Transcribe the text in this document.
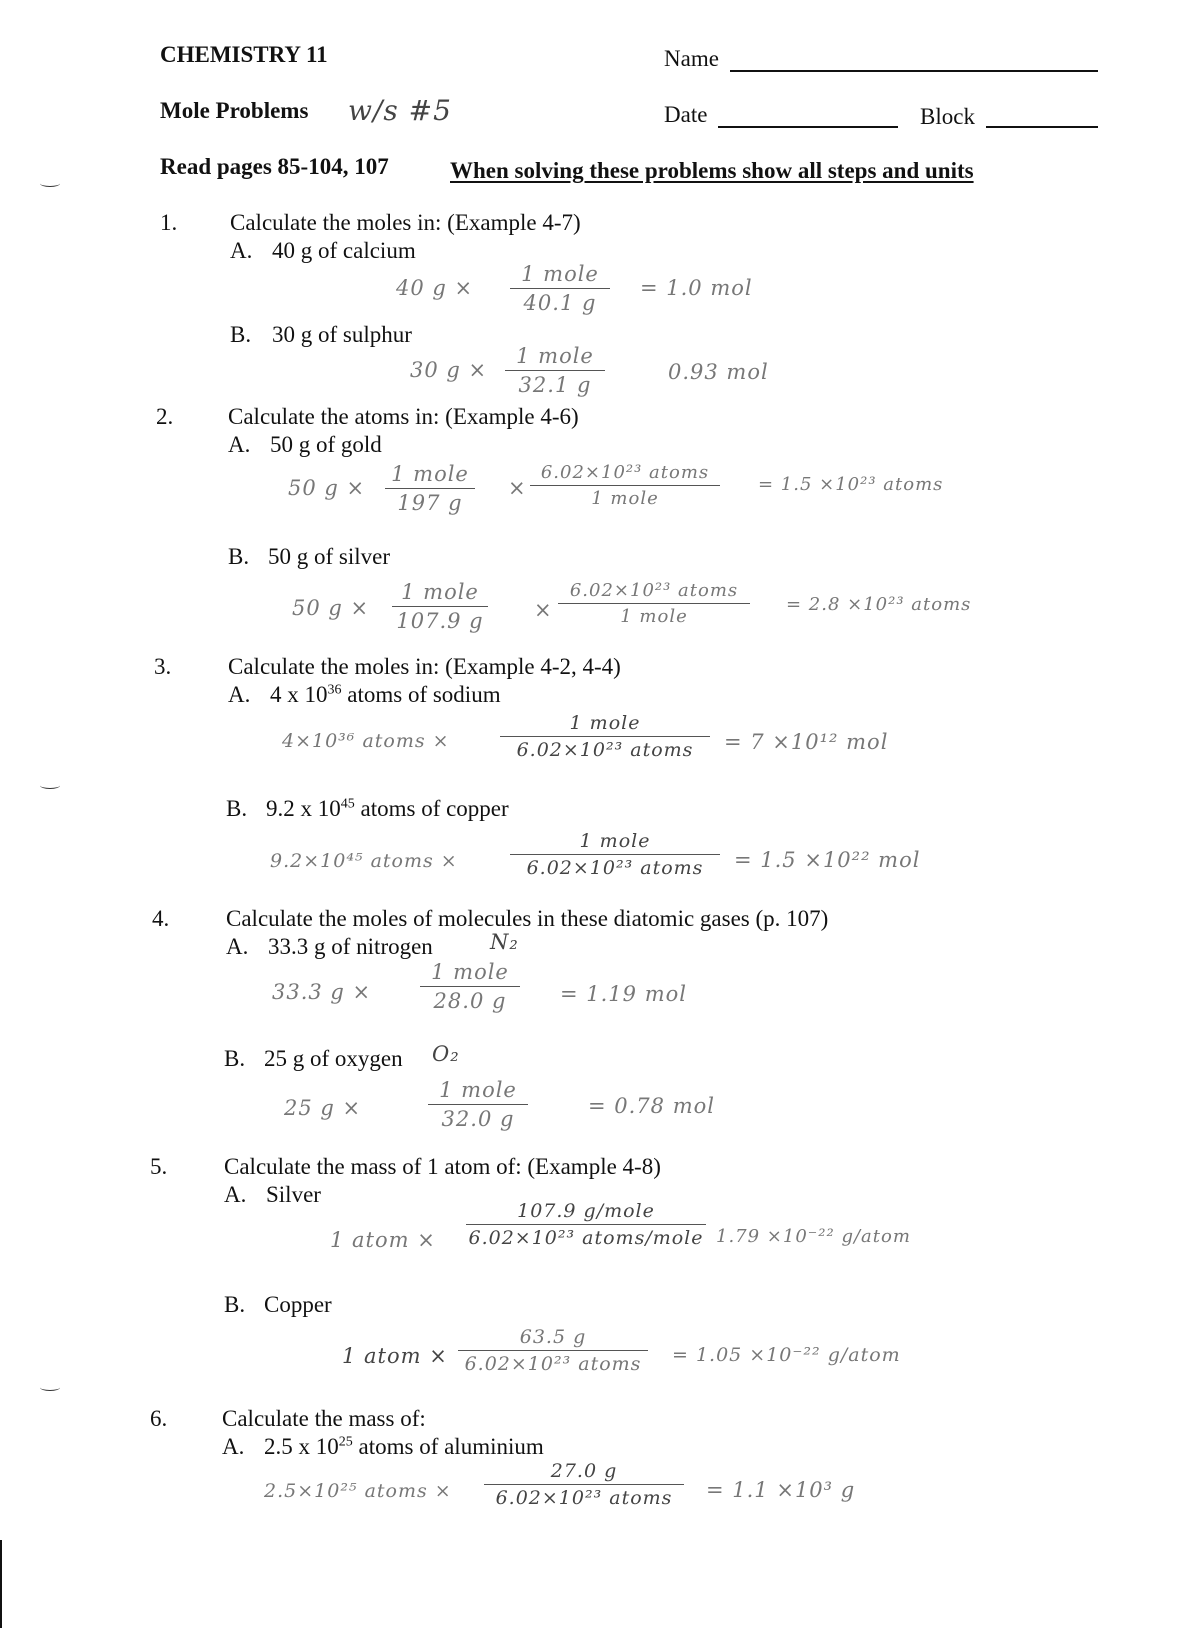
CHEMISTRY 11	Name
Mole Problems w/s #5	Date	Block
Read pages 85-104, 107	When solving these problems show all steps and units
1. Calculate the moles in: (Example 4-7)
A. 40 g of calcium
40 g ×
1 mole
40.1 g
= 1.0 mol
B. 30 g of sulphur
30 g ×
1 mole
32.1 g
0.93 mol
2. Calculate the atoms in: (Example 4-6)
A. 50 g of gold
50 g ×
1 mole
197 g
×
6.02×10²³ atoms
1 mole
= 1.5 ×10²³ atoms
B. 50 g of silver
50 g ×
1 mole
107.9 g ×
6.02×10²³ atoms
1 mole
= 2.8 ×10²³ atoms
3. Calculate the moles in: (Example 4-2, 4-4)
A. 4 x $10^{36}$ atoms of sodium
4×10³⁶ atoms ×
1 mole
6.02×10²³ atoms	= 7 ×10¹² mol
B. 9.2 x $10^{45}$ atoms of copper
9.2×10⁴⁵ atoms ×
1 mole
6.02×10²³ atoms	= 1.5 ×10²² mol
4. Calculate the moles of molecules in these diatomic gases (p. 107)
A. 33.3 g of nitrogen	N₂
33.3 g ×
1 mole
28.0 g	= 1.19 mol
B. 25 g of oxygen O₂
25 g ×
1 mole
32.0 g
= 0.78 mol
5. Calculate the mass of 1 atom of: (Example 4-8)
A. Silver
1 atom ×
107.9 g/mole
6.02×10²³ atoms/mole 1.79 ×10⁻²² g/atom
B. Copper
1 atom ×
63.5 g
6.02×10²³ atoms	= 1.05 ×10⁻²² g/atom
6. Calculate the mass of:
A. 2.5 x $10^{25}$ atoms of aluminium
2.5×10²⁵ atoms ×
27.0 g
6.02×10²³ atoms	= 1.1 ×10³ g
